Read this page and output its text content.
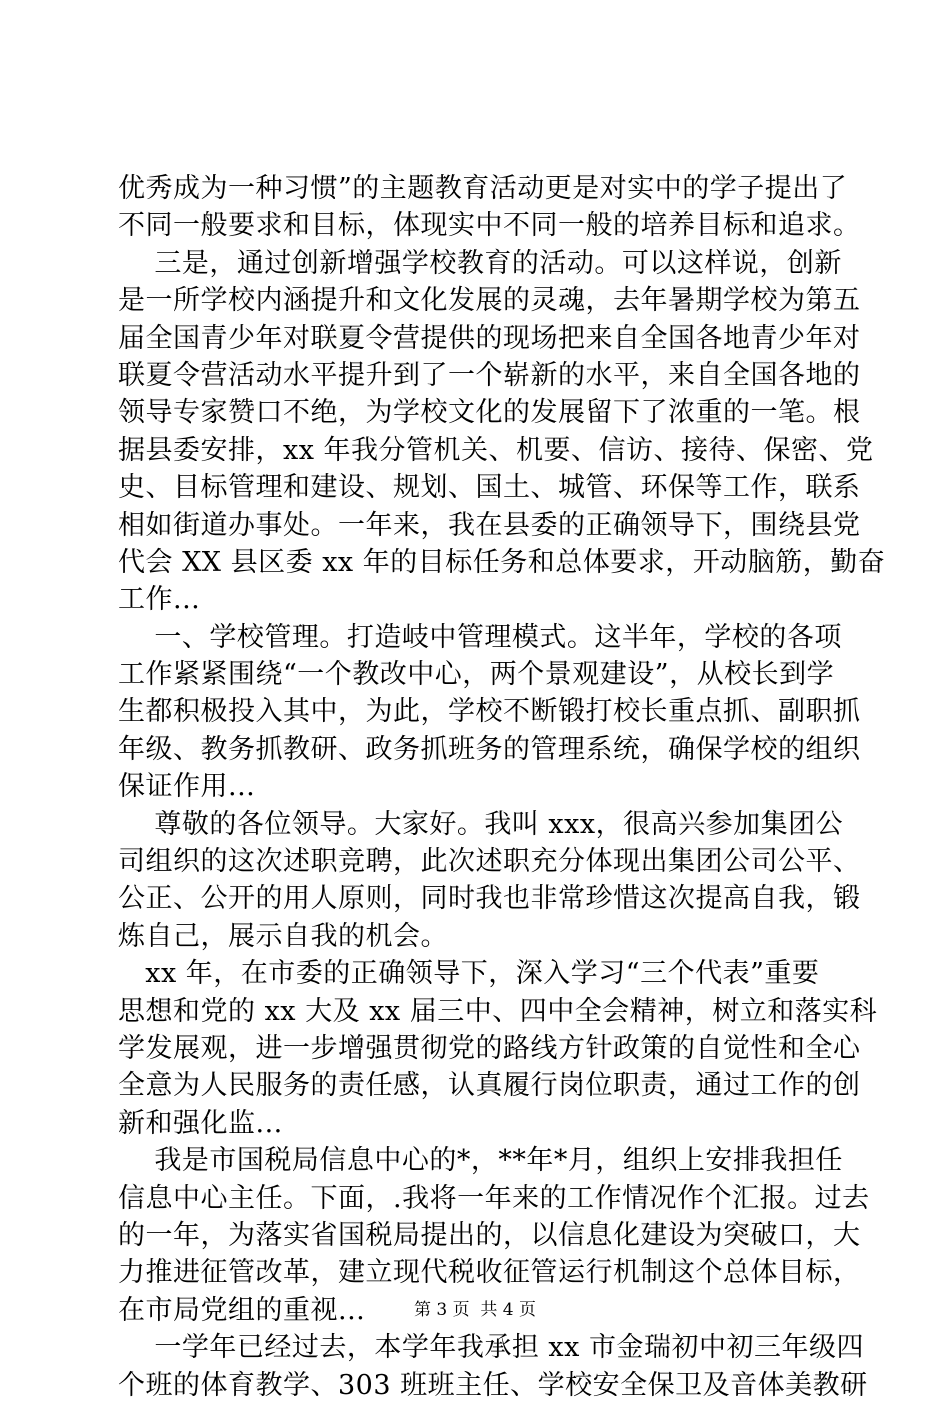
优秀成为一种习惯”的主题教育活动更是对实中的学子提出了
不同一般要求和目标，体现实中不同一般的培养目标和追求。
三是，通过创新增强学校教育的活动。可以这样说，创新
是一所学校内涵提升和文化发展的灵魂，去年暑期学校为第五
届全国青少年对联夏令营提供的现场把来自全国各地青少年对
联夏令营活动水平提升到了一个崭新的水平，来自全国各地的
领导专家赞口不绝，为学校文化的发展留下了浓重的一笔。根
据县委安排，xx 年我分管机关、机要、信访、接待、保密、党
史、目标管理和建设、规划、国土、城管、环保等工作，联系
相如街道办事处。一年来，我在县委的正确领导下，围绕县党
代会 XX 县区委 xx 年的目标任务和总体要求，开动脑筋，勤奋
工作...
一、学校管理。打造岐中管理模式。这半年，学校的各项
工作紧紧围绕“一个教改中心，两个景观建设”，从校长到学
生都积极投入其中，为此，学校不断锻打校长重点抓、副职抓
年级、教务抓教研、政务抓班务的管理系统，确保学校的组织
保证作用...
尊敬的各位领导。大家好。我叫 xxx，很高兴参加集团公
司组织的这次述职竞聘，此次述职充分体现出集团公司公平、
公正、公开的用人原则，同时我也非常珍惜这次提高自我，锻
炼自己，展示自我的机会。
xx 年，在市委的正确领导下，深入学习“三个代表”重要
思想和党的 xx 大及 xx 届三中、四中全会精神，树立和落实科
学发展观，进一步增强贯彻党的路线方针政策的自觉性和全心
全意为人民服务的责任感，认真履行岗位职责，通过工作的创
新和强化监...
我是市国税局信息中心的*，**年*月，组织上安排我担任
信息中心主任。下面，.我将一年来的工作情况作个汇报。过去
的一年，为落实省国税局提出的，以信息化建设为突破口，大
力推进征管改革，建立现代税收征管运行机制这个总体目标，
在市局党组的重视...
一学年已经过去，本学年我承担 xx 市金瑞初中初三年级四
个班的体育教学、303 班班主任、学校安全保卫及音体美教研
第 3 页  共 4 页
